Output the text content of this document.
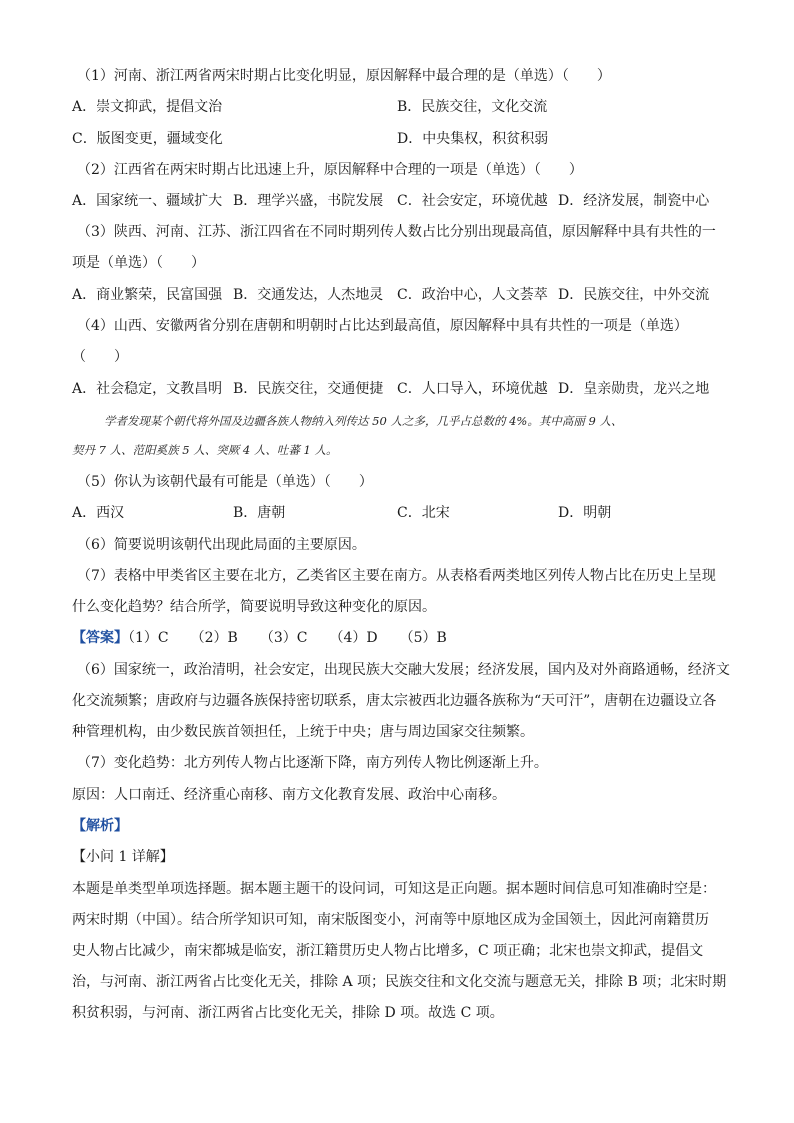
（1）河南、浙江两省两宋时期占比变化明显，原因解释中最合理的是（单选）（　　）
A．崇文抑武，提倡文治	B．民族交往，文化交流
C．版图变更，疆域变化	D．中央集权，积贫积弱
（2）江西省在两宋时期占比迅速上升，原因解释中合理的一项是（单选）（　　）
A．国家统一、疆域扩大 B．理学兴盛，书院发展 C．社会安定，环境优越 D．经济发展，制瓷中心
（3）陕西、河南、江苏、浙江四省在不同时期列传人数占比分别出现最高值，原因解释中具有共性的一
项是（单选）（　　）
A．商业繁荣，民富国强 B．交通发达，人杰地灵 C．政治中心，人文荟萃 D．民族交往，中外交流
（4）山西、安徽两省分别在唐朝和明朝时占比达到最高值，原因解释中具有共性的一项是（单选）
（　　）
A．社会稳定，文教昌明 B．民族交往，交通便捷 C．人口导入，环境优越 D．皇亲勋贵，龙兴之地
学者发现某个朝代将外国及边疆各族人物纳入列传达 50 人之多，几乎占总数的 4%。其中高丽 9 人、
契丹 7 人、范阳奚族 5 人、突厥 4 人、吐蕃 1 人。
（5）你认为该朝代最有可能是（单选）（　　）
A．西汉	B．唐朝	C．北宋	D．明朝
（6）简要说明该朝代出现此局面的主要原因。
（7）表格中甲类省区主要在北方，乙类省区主要在南方。从表格看两类地区列传人物占比在历史上呈现
什么变化趋势？结合所学，简要说明导致这种变化的原因。
【答案】（1）C （2）B （3）C （4）D （5）B
（6）国家统一，政治清明，社会安定，出现民族大交融大发展；经济发展，国内及对外商路通畅，经济文
化交流频繁；唐政府与边疆各族保持密切联系，唐太宗被西北边疆各族称为“天可汗”，唐朝在边疆设立各
种管理机构，由少数民族首领担任，上统于中央；唐与周边国家交往频繁。
（7）变化趋势：北方列传人物占比逐渐下降，南方列传人物比例逐渐上升。
原因：人口南迁、经济重心南移、南方文化教育发展、政治中心南移。
【解析】
【小问 1 详解】
本题是单类型单项选择题。据本题主题干的设问词，可知这是正向题。据本题时间信息可知准确时空是：
两宋时期（中国）。结合所学知识可知，南宋版图变小，河南等中原地区成为金国领土，因此河南籍贯历
史人物占比减少，南宋都城是临安，浙江籍贯历史人物占比增多，C 项正确；北宋也崇文抑武，提倡文
治，与河南、浙江两省占比变化无关，排除 A 项；民族交往和文化交流与题意无关，排除 B 项；北宋时期
积贫积弱，与河南、浙江两省占比变化无关，排除 D 项。故选 C 项。
